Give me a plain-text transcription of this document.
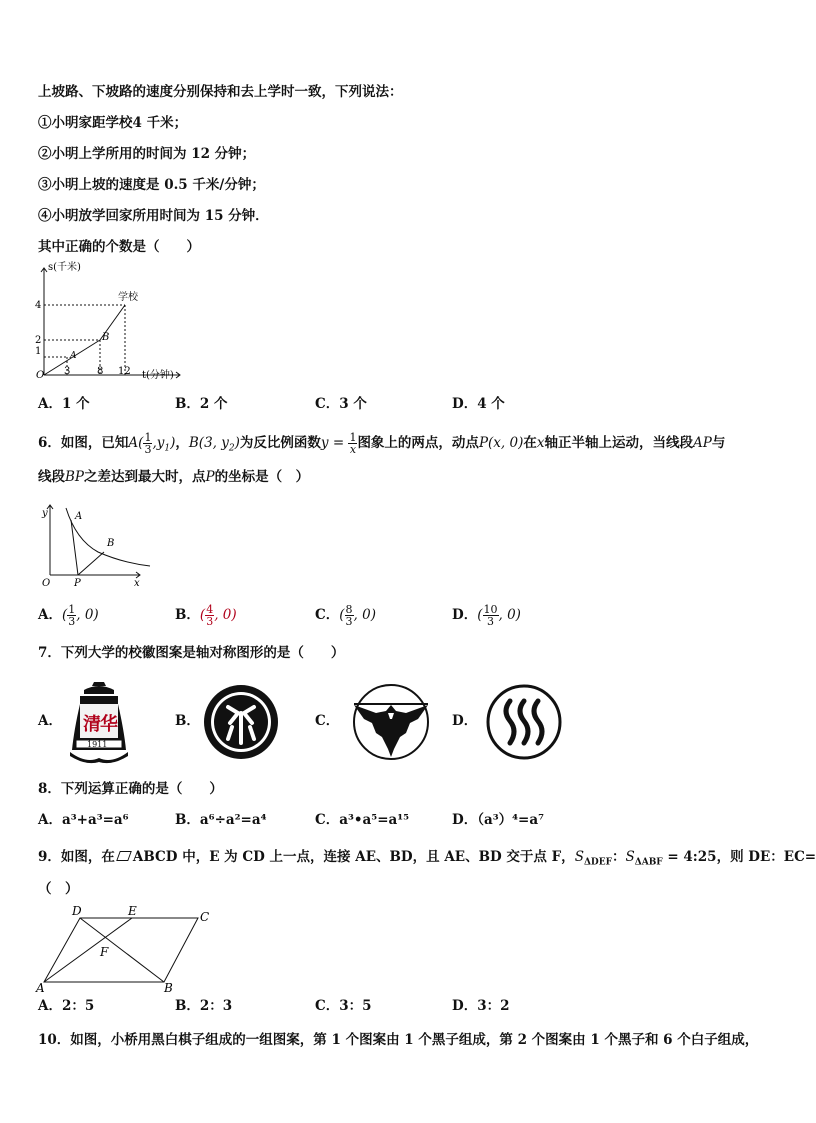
上坡路、下坡路的速度分别保持和去上学时一致，下列说法：
①小明家距学校4 千米；
②小明上学所用的时间为 12 分钟；
③小明上坡的速度是 0.5 千米/分钟；
④小明放学回家所用时间为 15 分钟．
其中正确的个数是（　　）
s(千米)
t(分钟)
学校
O
A
B
4
2
1
3	8 12
A．1 个	B．2 个	C．3 个	D．4 个
6．如图，已知$A( \frac{1}{3} ,y_1)$，B(3, $y_2$)为反比例函数$y = \frac{1}{x}$ 图象上的两点，动点P(x, 0)在x轴正半轴上运动，当线段AP与
线段BP之差达到最大时，点P的坐标是（　）
y
x
O
A
B
P
A．( $\frac{1}{3}$ , 0)	B．( $\frac{4}{3}$ , 0)	C．( $\frac{8}{3}$ , 0)	D．( $\frac{10}{3}$ , 0)
7．下列大学的校徽图案是轴对称图形的是（　　）
A． 清 华
1911
B．	C．	D．
8．下列运算正确的是（　　）
A．a³+a³=a⁶	B．a⁶÷a²=a⁴	C．a³•a⁵=a¹⁵	D．（a³）⁴=a⁷
9．如图，在 ABCD 中，E 为 CD 上一点，连接 AE、BD，且 AE、BD 交于点 F，$S_{\Delta DEF}$：$S_{\Delta ABF}$ = 4:25，则 DE：EC=
（　）
D	E	C
F
A	B
A．2：5	B．2：3	C．3：5	D．3：2
10．如图，小桥用黑白棋子组成的一组图案，第 1 个图案由 1 个黑子组成，第 2 个图案由 1 个黑子和 6 个白子组成，
